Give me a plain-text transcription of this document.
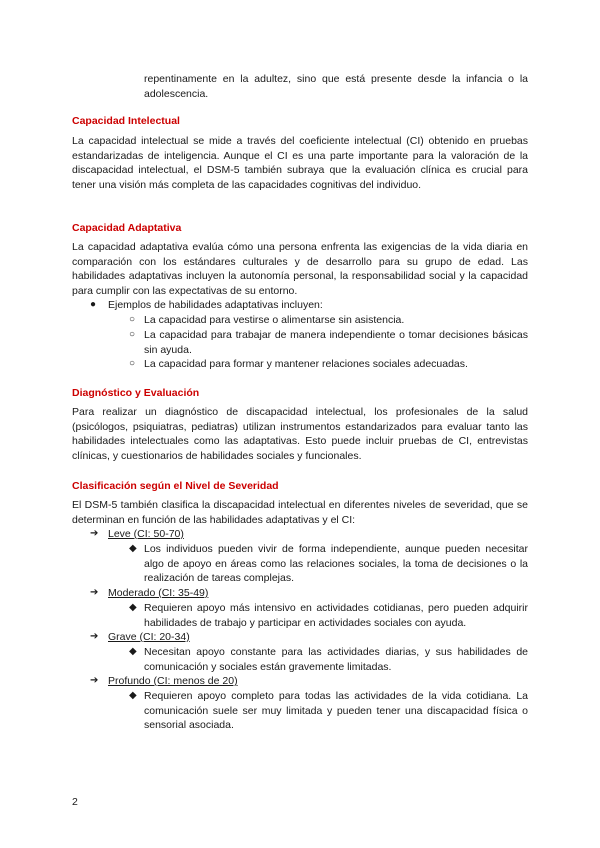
repentinamente en la adultez, sino que está presente desde la infancia o la adolescencia.

Capacidad Intelectual

La capacidad intelectual se mide a través del coeficiente intelectual (CI) obtenido en pruebas estandarizadas de inteligencia. Aunque el CI es una parte importante para la valoración de la discapacidad intelectual, el DSM-5 también subraya que la evaluación clínica es crucial para tener una visión más completa de las capacidades cognitivas del individuo.

Capacidad Adaptativa

La capacidad adaptativa evalúa cómo una persona enfrenta las exigencias de la vida diaria en comparación con los estándares culturales y de desarrollo para su grupo de edad. Las habilidades adaptativas incluyen la autonomía personal, la responsabilidad social y la capacidad para cumplir con las expectativas de su entorno.

● Ejemplos de habilidades adaptativas incluyen:

○ La capacidad para vestirse o alimentarse sin asistencia.

○ La capacidad para trabajar de manera independiente o tomar decisiones básicas sin ayuda.

○ La capacidad para formar y mantener relaciones sociales adecuadas.

Diagnóstico y Evaluación

Para realizar un diagnóstico de discapacidad intelectual, los profesionales de la salud (psicólogos, psiquiatras, pediatras) utilizan instrumentos estandarizados para evaluar tanto las habilidades intelectuales como las adaptativas. Esto puede incluir pruebas de CI, entrevistas clínicas, y cuestionarios de habilidades sociales y funcionales.

Clasificación según el Nivel de Severidad

El DSM-5 también clasifica la discapacidad intelectual en diferentes niveles de severidad, que se determinan en función de las habilidades adaptativas y el CI:

➔ Leve (CI: 50-70)

◆ Los individuos pueden vivir de forma independiente, aunque pueden necesitar algo de apoyo en áreas como las relaciones sociales, la toma de decisiones o la realización de tareas complejas.

➔ Moderado (CI: 35-49)

◆ Requieren apoyo más intensivo en actividades cotidianas, pero pueden adquirir habilidades de trabajo y participar en actividades sociales con ayuda.

➔ Grave (CI: 20-34)

◆ Necesitan apoyo constante para las actividades diarias, y sus habilidades de comunicación y sociales están gravemente limitadas.

➔ Profundo (CI: menos de 20)

◆ Requieren apoyo completo para todas las actividades de la vida cotidiana. La comunicación suele ser muy limitada y pueden tener una discapacidad física o sensorial asociada.

2
